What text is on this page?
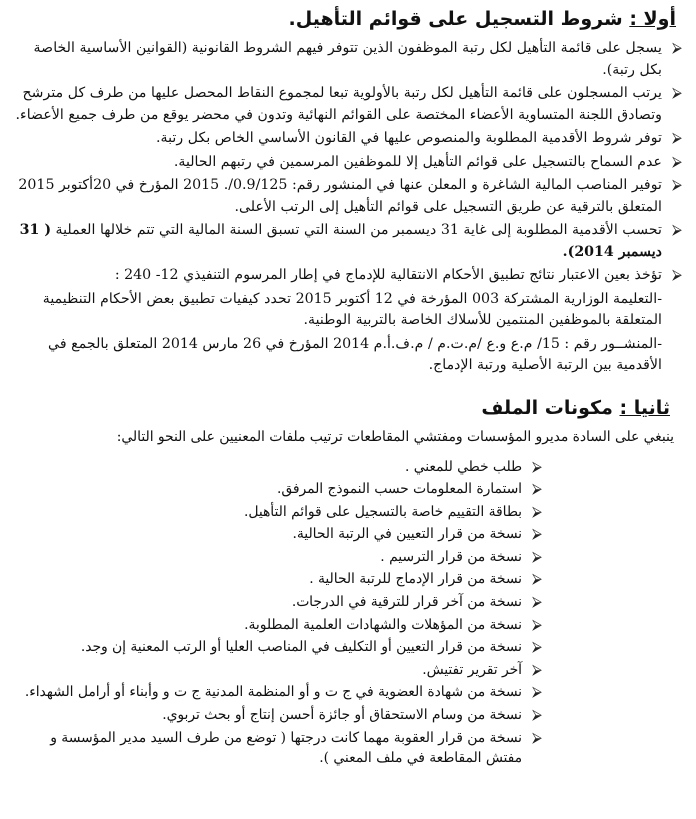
أولا : شروط التسجيل على قوائم التأهيل.
⮚
يسجل على قائمة التأهيل لكل رتبة الموظفون الذين تتوفر فيهم الشروط القانونية (القوانين الأساسية الخاصة بكل رتبة).
⮚
يرتب المسجلون على قائمة التأهيل لكل رتبة بالأولوية تبعا لمجموع النقاط المحصل عليها من طرف كل مترشح وتصادق اللجنة المتساوية الأعضاء المختصة على القوائم النهائية وتدون في محضر يوقع من طرف جميع الأعضاء.
⮚
توفر شروط الأقدمية المطلوبة والمنصوص عليها في القانون الأساسي الخاص بكل رتبة.
⮚
عدم السماح بالتسجيل على قوائم التأهيل إلا للموظفين المرسمين في رتبهم الحالية.
⮚
توفير المناصب المالية الشاغرة و المعلن عنها في المنشور رقم: 0.9/125/. 2015 المؤرخ في 20أكتوبر 2015 المتعلق بالترقية عن طريق التسجيل على قوائم التأهيل إلى الرتب الأعلى.
⮚
تحسب الأقدمية المطلوبة إلى غاية 31 ديسمبر من السنة التي تسبق السنة المالية التي تتم خلالها العملية ( 31 ديسمبر 2014).
⮚
تؤخذ بعين الاعتبار نتائج تطبيق الأحكام الانتقالية للإدماج في إطار المرسوم التنفيذي 12- 240 :
-التعليمة الوزارية المشتركة 003 المؤرخة في 12 أكتوبر 2015 تحدد كيفيات تطبيق بعض الأحكام التنظيمية المتعلقة بالموظفين المنتمين للأسلاك الخاصة بالتربية الوطنية.
-المنشــور رقم : 15/ م.ع و.ع /م.ت.م / م.ف.أ.م 2014 المؤرخ في 26 مارس 2014 المتعلق بالجمع في الأقدمية بين الرتبة الأصلية ورتبة الإدماج.
ثانيا : مكونات الملف

ينبغي على السادة مديرو المؤسسات ومفتشي المقاطعات ترتيب ملفات المعنيين على النحو التالي:

⮚
طلب خطي للمعني .
⮚
استمارة المعلومات حسب النموذج المرفق.
⮚
بطاقة التقييم خاصة بالتسجيل على قوائم التأهيل.
⮚
نسخة من قرار التعيين في الرتبة الحالية.
⮚
نسخة من قرار الترسيم .
⮚
نسخة من قرار الإدماج للرتبة الحالية .
⮚
نسخة من آخر قرار للترقية في الدرجات.
⮚
نسخة من المؤهلات والشهادات العلمية المطلوبة.
⮚
نسخة من قرار التعيين أو التكليف في المناصب العليا أو الرتب المعنية إن وجد.
⮚
آخر تقرير تفتيش.
⮚
نسخة من شهادة العضوية في ج ت و أو المنظمة المدنية ج ت و وأبناء أو أرامل الشهداء.
⮚
نسخة من وسام الاستحقاق أو جائزة أحسن إنتاج أو بحث تربوي.
⮚
نسخة من قرار العقوبة مهما كانت درجتها ( توضع من طرف السيد مدير المؤسسة و مفتش المقاطعة في ملف المعني ).
